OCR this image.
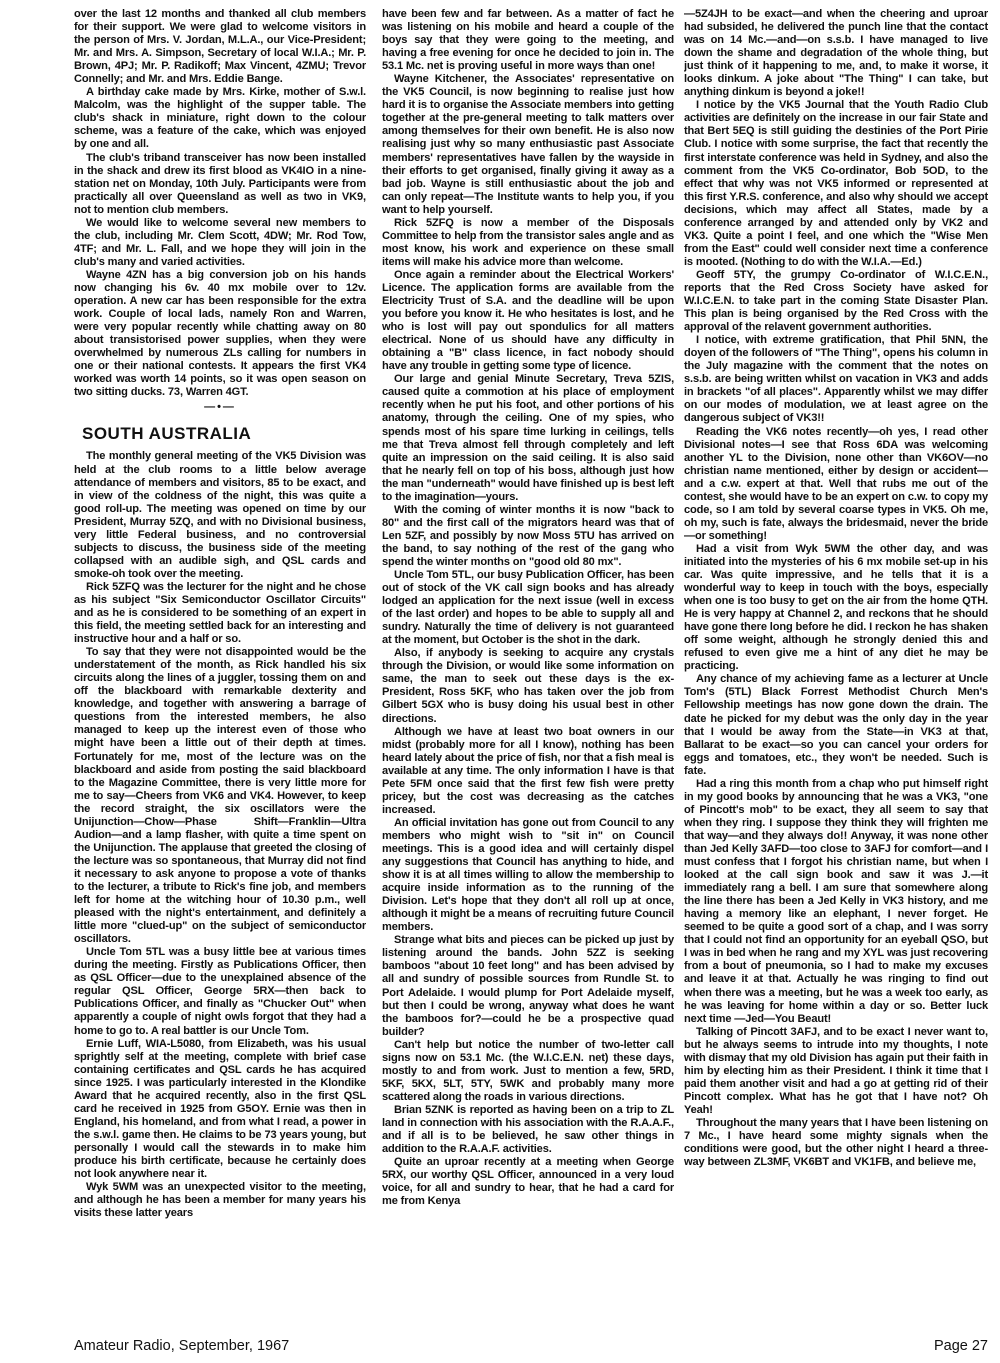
over the last 12 months and thanked all club members for their support. We were glad to welcome visitors in the person of Mrs. V. Jordan, M.L.A., our Vice-President; Mr. and Mrs. A. Simpson, Secretary of local W.I.A.; Mr. P. Brown, 4PJ; Mr. P. Radikoff; Max Vincent, 4ZMU; Trevor Connelly; and Mr. and Mrs. Eddie Bange.

A birthday cake made by Mrs. Kirke, mother of S.w.l. Malcolm, was the highlight of the supper table. The club's shack in miniature, right down to the colour scheme, was a feature of the cake, which was enjoyed by one and all.

The club's triband transceiver has now been installed in the shack and drew its first blood as VK4IO in a nine-station net on Monday, 10th July. Participants were from practically all over Queensland as well as two in VK9, not to mention club members.

We would like to welcome several new members to the club, including Mr. Clem Scott, 4DW; Mr. Rod Tow, 4TF; and Mr. L. Fall, and we hope they will join in the club's many and varied activities.

Wayne 4ZN has a big conversion job on his hands now changing his 6v. 40 mx mobile over to 12v. operation. A new car has been responsible for the extra work. Couple of local lads, namely Ron and Warren, were very popular recently while chatting away on 80 about transistorised power supplies, when they were overwhelmed by numerous ZLs calling for numbers in one or their national contests. It appears the first VK4 worked was worth 14 points, so it was open season on two sitting ducks. 73, Warren 4GT.

—•—
SOUTH AUSTRALIA

The monthly general meeting of the VK5 Division was held at the club rooms to a little below average attendance of members and visitors, 85 to be exact, and in view of the coldness of the night, this was quite a good roll-up. The meeting was opened on time by our President, Murray 5ZQ, and with no Divisional business, very little Federal business, and no controversial subjects to discuss, the business side of the meeting collapsed with an audible sigh, and QSL cards and smoke-oh took over the meeting.

Rick 5ZFQ was the lecturer for the night and he chose as his subject "Six Semiconductor Oscillator Circuits" and as he is considered to be something of an expert in this field, the meeting settled back for an interesting and instructive hour and a half or so.

To say that they were not disappointed would be the understatement of the month, as Rick handled his six circuits along the lines of a juggler, tossing them on and off the blackboard with remarkable dexterity and knowledge, and together with answering a barrage of questions from the interested members, he also managed to keep up the interest even of those who might have been a little out of their depth at times. Fortunately for me, most of the lecture was on the blackboard and aside from posting the said blackboard to the Magazine Committee, there is very little more for me to say—Cheers from VK6 and VK4. However, to keep the record straight, the six oscillators were the Unijunction—Chow—Phase Shift—Franklin—Ultra Audion—and a lamp flasher, with quite a time spent on the Unijunction. The applause that greeted the closing of the lecture was so spontaneous, that Murray did not find it necessary to ask anyone to propose a vote of thanks to the lecturer, a tribute to Rick's fine job, and members left for home at the witching hour of 10.30 p.m., well pleased with the night's entertainment, and definitely a little more "clued-up" on the subject of semiconductor oscillators.

Uncle Tom 5TL was a busy little bee at various times during the meeting. Firstly as Publications Officer, then as QSL Officer—due to the unexplained absence of the regular QSL Officer, George 5RX—then back to Publications Officer, and finally as "Chucker Out" when apparently a couple of night owls forgot that they had a home to go to. A real battler is our Uncle Tom.

Ernie Luff, WIA-L5080, from Elizabeth, was his usual sprightly self at the meeting, complete with brief case containing certificates and QSL cards he has acquired since 1925. I was particularly interested in the Klondike Award that he acquired recently, also in the first QSL card he received in 1925 from G5OY. Ernie was then in England, his homeland, and from what I read, a power in the s.w.l. game then. He claims to be 73 years young, but personally I would call the stewards in to make him produce his birth certificate, because he certainly does not look anywhere near it.

Wyk 5WM was an unexpected visitor to the meeting, and although he has been a member for many years his visits these latter years

have been few and far between. As a matter of fact he was listening on his mobile and heard a couple of the boys say that they were going to the meeting, and having a free evening for once he decided to join in. The 53.1 Mc. net is proving useful in more ways than one!

Wayne Kitchener, the Associates' representative on the VK5 Council, is now beginning to realise just how hard it is to organise the Associate members into getting together at the pre-general meeting to talk matters over among themselves for their own benefit. He is also now realising just why so many enthusiastic past Associate members' representatives have fallen by the wayside in their efforts to get organised, finally giving it away as a bad job. Wayne is still enthusiastic about the job and can only repeat—The Institute wants to help you, if you want to help yourself.

Rick 5ZFQ is now a member of the Disposals Committee to help from the transistor sales angle and as most know, his work and experience on these small items will make his advice more than welcome.

Once again a reminder about the Electrical Workers' Licence. The application forms are available from the Electricity Trust of S.A. and the deadline will be upon you before you know it. He who hesitates is lost, and he who is lost will pay out spondulics for all matters electrical. None of us should have any difficulty in obtaining a "B" class licence, in fact nobody should have any trouble in getting some type of licence.

Our large and genial Minute Secretary, Treva 5ZIS, caused quite a commotion at his place of employment recently when he put his foot, and other portions of his anatomy, through the ceiling. One of my spies, who spends most of his spare time lurking in ceilings, tells me that Treva almost fell through completely and left quite an impression on the said ceiling. It is also said that he nearly fell on top of his boss, although just how the man "underneath" would have finished up is best left to the imagination—yours.

With the coming of winter months it is now "back to 80" and the first call of the migrators heard was that of Len 5ZF, and possibly by now Moss 5TU has arrived on the band, to say nothing of the rest of the gang who spend the winter months on "good old 80 mx".

Uncle Tom 5TL, our busy Publication Officer, has been out of stock of the VK call sign books and has already lodged an application for the next issue (well in excess of the last order) and hopes to be able to supply all and sundry. Naturally the time of delivery is not guaranteed at the moment, but October is the shot in the dark.

Also, if anybody is seeking to acquire any crystals through the Division, or would like some information on same, the man to seek out these days is the ex-President, Ross 5KF, who has taken over the job from Gilbert 5GX who is busy doing his usual best in other directions.

Although we have at least two boat owners in our midst (probably more for all I know), nothing has been heard lately about the price of fish, nor that a fish meal is available at any time. The only information I have is that Pete 5FM once said that the first few fish were pretty pricey, but the cost was decreasing as the catches increased.

An official invitation has gone out from Council to any members who might wish to "sit in" on Council meetings. This is a good idea and will certainly dispel any suggestions that Council has anything to hide, and show it is at all times willing to allow the membership to acquire inside information as to the running of the Division. Let's hope that they don't all roll up at once, although it might be a means of recruiting future Council members.

Strange what bits and pieces can be picked up just by listening around the bands. John 5ZZ is seeking bamboos "about 10 feet long" and has been advised by all and sundry of possible sources from Rundle St. to Port Adelaide. I would plump for Port Adelaide myself, but then I could be wrong, anyway what does he want the bamboos for?—could he be a prospective quad builder?

Can't help but notice the number of two-letter call signs now on 53.1 Mc. (the W.I.C.E.N. net) these days, mostly to and from work. Just to mention a few, 5RD, 5KF, 5KX, 5LT, 5TY, 5WK and probably many more scattered along the roads in various directions.

Brian 5ZNK is reported as having been on a trip to ZL land in connection with his association with the R.A.A.F., and if all is to be believed, he saw other things in addition to the R.A.A.F. activities.

Quite an uproar recently at a meeting when George 5RX, our worthy QSL Officer, announced in a very loud voice, for all and sundry to hear, that he had a card for me from Kenya

—5Z4JH to be exact—and when the cheering and uproar had subsided, he delivered the punch line that the contact was on 14 Mc.—and—on s.s.b. I have managed to live down the shame and degradation of the whole thing, but just think of it happening to me, and, to make it worse, it looks dinkum. A joke about "The Thing" I can take, but anything dinkum is beyond a joke!!

I notice by the VK5 Journal that the Youth Radio Club activities are definitely on the increase in our fair State and that Bert 5EQ is still guiding the destinies of the Port Pirie Club. I notice with some surprise, the fact that recently the first interstate conference was held in Sydney, and also the comment from the VK5 Co-ordinator, Bob 5OD, to the effect that why was not VK5 informed or represented at this first Y.R.S. conference, and also why should we accept decisions, which may affect all States, made by a conference arranged by and attended only by VK2 and VK3. Quite a point I feel, and one which the "Wise Men from the East" could well consider next time a conference is mooted. (Nothing to do with the W.I.A.—Ed.)

Geoff 5TY, the grumpy Co-ordinator of W.I.C.E.N., reports that the Red Cross Society have asked for W.I.C.E.N. to take part in the coming State Disaster Plan. This plan is being organised by the Red Cross with the approval of the relavent government authorities.

I notice, with extreme gratification, that Phil 5NN, the doyen of the followers of "The Thing", opens his column in the July magazine with the comment that the notes on s.s.b. are being written whilst on vacation in VK3 and adds in brackets "of all places". Apparently whilst we may differ on our modes of modulation, we at least agree on the dangerous subject of VK3!!

Reading the VK6 notes recently—oh yes, I read other Divisional notes—I see that Ross 6DA was welcoming another YL to the Division, none other than VK6OV—no christian name mentioned, either by design or accident—and a c.w. expert at that. Well that rubs me out of the contest, she would have to be an expert on c.w. to copy my code, so I am told by several coarse types in VK5. Oh me, oh my, such is fate, always the bridesmaid, never the bride—or something!

Had a visit from Wyk 5WM the other day, and was initiated into the mysteries of his 6 mx mobile set-up in his car. Was quite impressive, and he tells that it is a wonderful way to keep in touch with the boys, especially when one is too busy to get on the air from the home QTH. He is very happy at Channel 2, and reckons that he should have gone there long before he did. I reckon he has shaken off some weight, although he strongly denied this and refused to even give me a hint of any diet he may be practicing.

Any chance of my achieving fame as a lecturer at Uncle Tom's (5TL) Black Forrest Methodist Church Men's Fellowship meetings has now gone down the drain. The date he picked for my debut was the only day in the year that I would be away from the State—in VK3 at that, Ballarat to be exact—so you can cancel your orders for eggs and tomatoes, etc., they won't be needed. Such is fate.

Had a ring this month from a chap who put himself right in my good books by announcing that he was a VK3, "one of Pincott's mob" to be exact, they all seem to say that when they ring. I suppose they think they will frighten me that way—and they always do!! Anyway, it was none other than Jed Kelly 3AFD—too close to 3AFJ for comfort—and I must confess that I forgot his christian name, but when I looked at the call sign book and saw it was J.—it immediately rang a bell. I am sure that somewhere along the line there has been a Jed Kelly in VK3 history, and me having a memory like an elephant, I never forget. He seemed to be quite a good sort of a chap, and I was sorry that I could not find an opportunity for an eyeball QSO, but I was in bed when he rang and my XYL was just recovering from a bout of pneumonia, so I had to make my excuses and leave it at that. Actually he was ringing to find out when there was a meeting, but he was a week too early, as he was leaving for home within a day or so. Better luck next time —Jed—You Beaut!

Talking of Pincott 3AFJ, and to be exact I never want to, but he always seems to intrude into my thoughts, I note with dismay that my old Division has again put their faith in him by electing him as their President. I think it time that I paid them another visit and had a go at getting rid of their Pincott complex. What has he got that I have not? Oh Yeah!

Throughout the many years that I have been listening on 7 Mc., I have heard some mighty signals when the conditions were good, but the other night I heard a three-way between ZL3MF, VK6BT and VK1FB, and believe me,

Amateur Radio, September, 1967	Page 27
